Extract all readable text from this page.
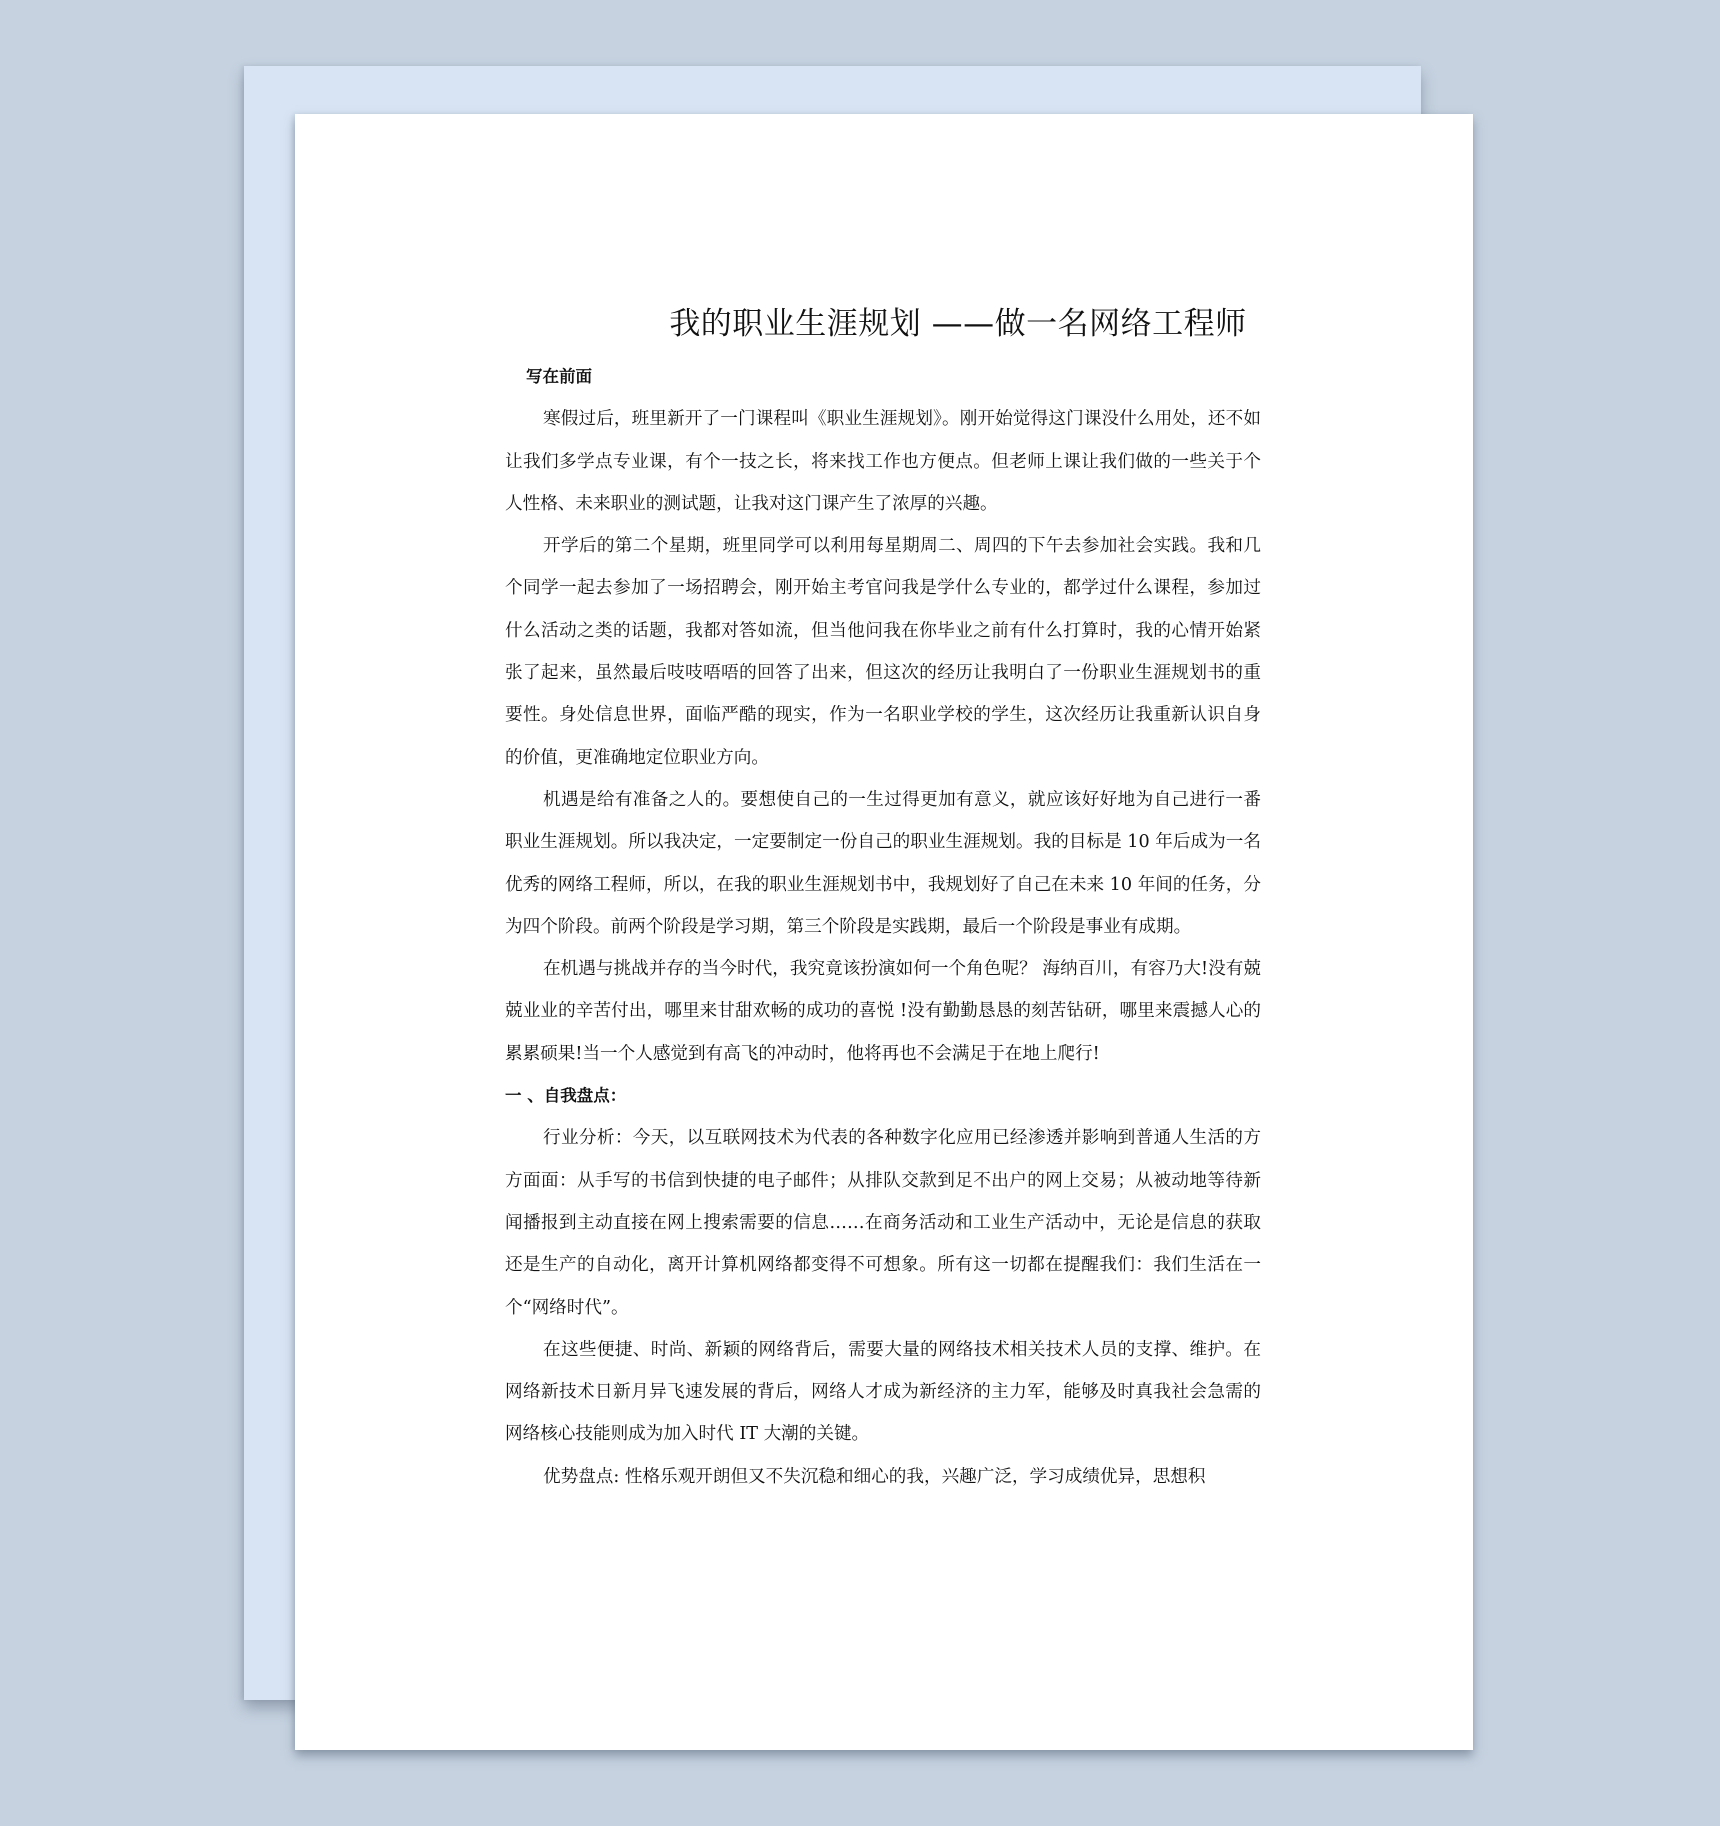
我的职业生涯规划 ——做一名网络工程师

写在前面

寒假过后，班里新开了一门课程叫《职业生涯规划》。刚开始觉得这门课没什么用处，还不如让我们多学点专业课，有个一技之长，将来找工作也方便点。但老师上课让我们做的一些关于个人性格、未来职业的测试题，让我对这门课产生了浓厚的兴趣。

开学后的第二个星期，班里同学可以利用每星期周二、周四的下午去参加社会实践。我和几个同学一起去参加了一场招聘会，刚开始主考官问我是学什么专业的，都学过什么课程，参加过什么活动之类的话题，我都对答如流，但当他问我在你毕业之前有什么打算时，我的心情开始紧张了起来，虽然最后吱吱唔唔的回答了出来，但这次的经历让我明白了一份职业生涯规划书的重要性。身处信息世界，面临严酷的现实，作为一名职业学校的学生，这次经历让我重新认识自身的价值，更准确地定位职业方向。

机遇是给有准备之人的。要想使自己的一生过得更加有意义，就应该好好地为自己进行一番职业生涯规划。所以我决定，一定要制定一份自己的职业生涯规划。我的目标是 10 年后成为一名优秀的网络工程师，所以，在我的职业生涯规划书中，我规划好了自己在未来 10 年间的任务，分为四个阶段。前两个阶段是学习期，第三个阶段是实践期，最后一个阶段是事业有成期。

在机遇与挑战并存的当今时代，我究竟该扮演如何一个角色呢？ 海纳百川，有容乃大!没有兢兢业业的辛苦付出，哪里来甘甜欢畅的成功的喜悦 !没有勤勤恳恳的刻苦钻研，哪里来震撼人心的累累硕果!当一个人感觉到有高飞的冲动时，他将再也不会满足于在地上爬行!

一 、自我盘点：

行业分析：今天，以互联网技术为代表的各种数字化应用已经渗透并影响到普通人生活的方方面面：从手写的书信到快捷的电子邮件；从排队交款到足不出户的网上交易；从被动地等待新闻播报到主动直接在网上搜索需要的信息……在商务活动和工业生产活动中，无论是信息的获取还是生产的自动化，离开计算机网络都变得不可想象。所有这一切都在提醒我们：我们生活在一个“网络时代”。

在这些便捷、时尚、新颖的网络背后，需要大量的网络技术相关技术人员的支撑、维护。在网络新技术日新月异飞速发展的背后，网络人才成为新经济的主力军，能够及时真我社会急需的网络核心技能则成为加入时代 IT 大潮的关键。

优势盘点: 性格乐观开朗但又不失沉稳和细心的我，兴趣广泛，学习成绩优异，思想积
